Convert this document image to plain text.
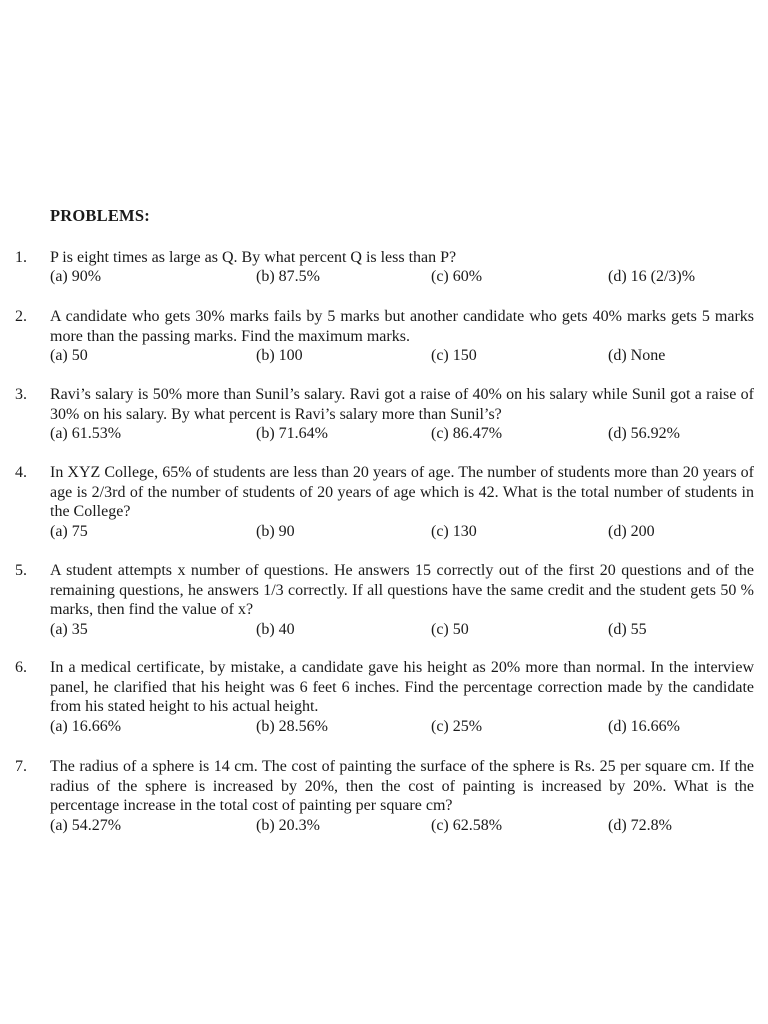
PROBLEMS:
1. P is eight times as large as Q. By what percent Q is less than P?
(a) 90%	(b) 87.5%	(c) 60%	(d) 16 (2/3)%
2. A candidate who gets 30% marks fails by 5 marks but another candidate who gets 40% marks gets 5 marks more than the passing marks. Find the maximum marks.
(a) 50	(b) 100	(c) 150	(d) None
3. Ravi’s salary is 50% more than Sunil’s salary. Ravi got a raise of 40% on his salary while Sunil got a raise of 30% on his salary. By what percent is Ravi’s salary more than Sunil’s?
(a) 61.53%	(b) 71.64%	(c) 86.47%	(d) 56.92%
4. In XYZ College, 65% of students are less than 20 years of age. The number of students more than 20 years of age is 2/3rd of the number of students of 20 years of age which is 42. What is the total number of students in the College?
(a) 75	(b) 90	(c) 130	(d) 200
5. A student attempts x number of questions. He answers 15 correctly out of the first 20 questions and of the remaining questions, he answers 1/3 correctly. If all questions have the same credit and the student gets 50 % marks, then find the value of x?
(a) 35	(b) 40	(c) 50	(d) 55
6. In a medical certificate, by mistake, a candidate gave his height as 20% more than normal. In the interview panel, he clarified that his height was 6 feet 6 inches. Find the percentage correction made by the candidate from his stated height to his actual height.
(a) 16.66%	(b) 28.56%	(c) 25%	(d) 16.66%
7. The radius of a sphere is 14 cm. The cost of painting the surface of the sphere is Rs. 25 per square cm. If the radius of the sphere is increased by 20%, then the cost of painting is increased by 20%. What is the percentage increase in the total cost of painting per square cm?
(a) 54.27%	(b) 20.3%	(c) 62.58%	(d) 72.8%
